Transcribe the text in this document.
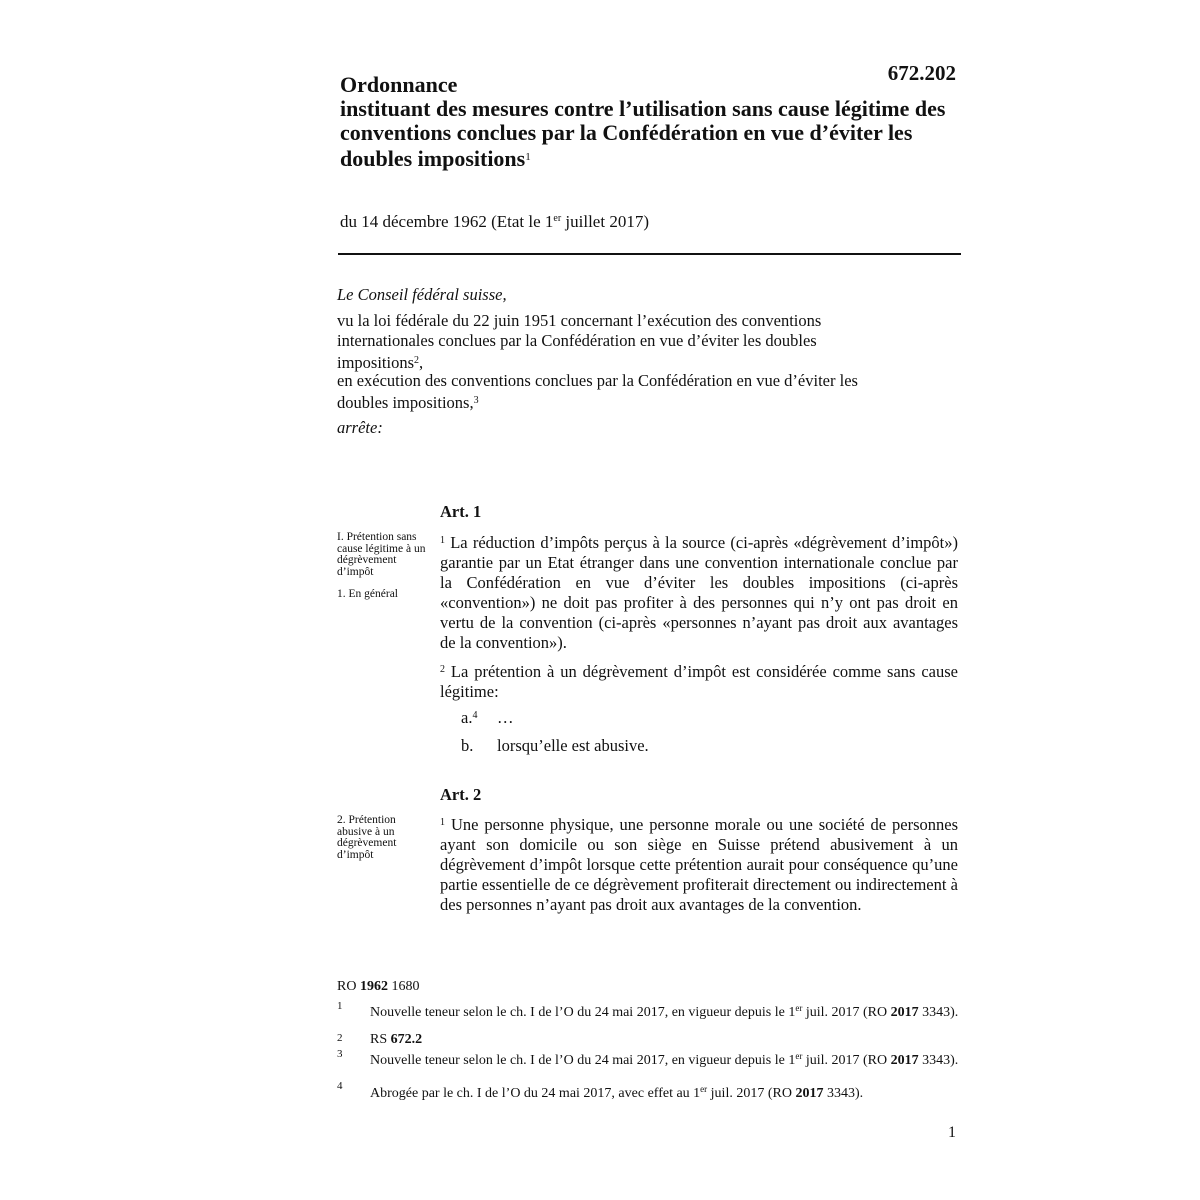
672.202
Ordonnance
instituant des mesures contre l’utilisation sans cause légitime des conventions conclues par la Confédération en vue d’éviter les doubles impositions$^1$
du 14 décembre 1962 (Etat le 1er juillet 2017)
Le Conseil fédéral suisse,
vu la loi fédérale du 22 juin 1951 concernant l’exécution des conventions internationales conclues par la Confédération en vue d’éviter les doubles impositions$^2$,
en exécution des conventions conclues par la Confédération en vue d’éviter les doubles impositions,$^3$
arrête:
Art. 1
I. Prétention sans cause légitime à un dégrèvement d’impôt
1. En général
$^1$ La réduction d’impôts perçus à la source (ci-après «dégrèvement d’impôt») garantie par un Etat étranger dans une convention internationale conclue par la Confédération en vue d’éviter les doubles impositions (ci-après «convention») ne doit pas profiter à des personnes qui n’y ont pas droit en vertu de la convention (ci-après «personnes n’ayant pas droit aux avantages de la convention»).
$^2$ La prétention à un dégrèvement d’impôt est considérée comme sans cause légitime:
a.$^4$ …
b. lorsqu’elle est abusive.
Art. 2
2. Prétention abusive à un dégrèvement d’impôt
$^1$ Une personne physique, une personne morale ou une société de personnes ayant son domicile ou son siège en Suisse prétend abusivement à un dégrèvement d’impôt lorsque cette prétention aurait pour conséquence qu’une partie essentielle de ce dégrèvement profiterait directement ou indirectement à des personnes n’ayant pas droit aux avantages de la convention.
RO 1962 1680
1 Nouvelle teneur selon le ch. I de l’O du 24 mai 2017, en vigueur depuis le 1er juil. 2017 (RO 2017 3343).
2 RS 672.2
3 Nouvelle teneur selon le ch. I de l’O du 24 mai 2017, en vigueur depuis le 1er juil. 2017 (RO 2017 3343).
4 Abrogée par le ch. I de l’O du 24 mai 2017, avec effet au 1er juil. 2017 (RO 2017 3343).
1
